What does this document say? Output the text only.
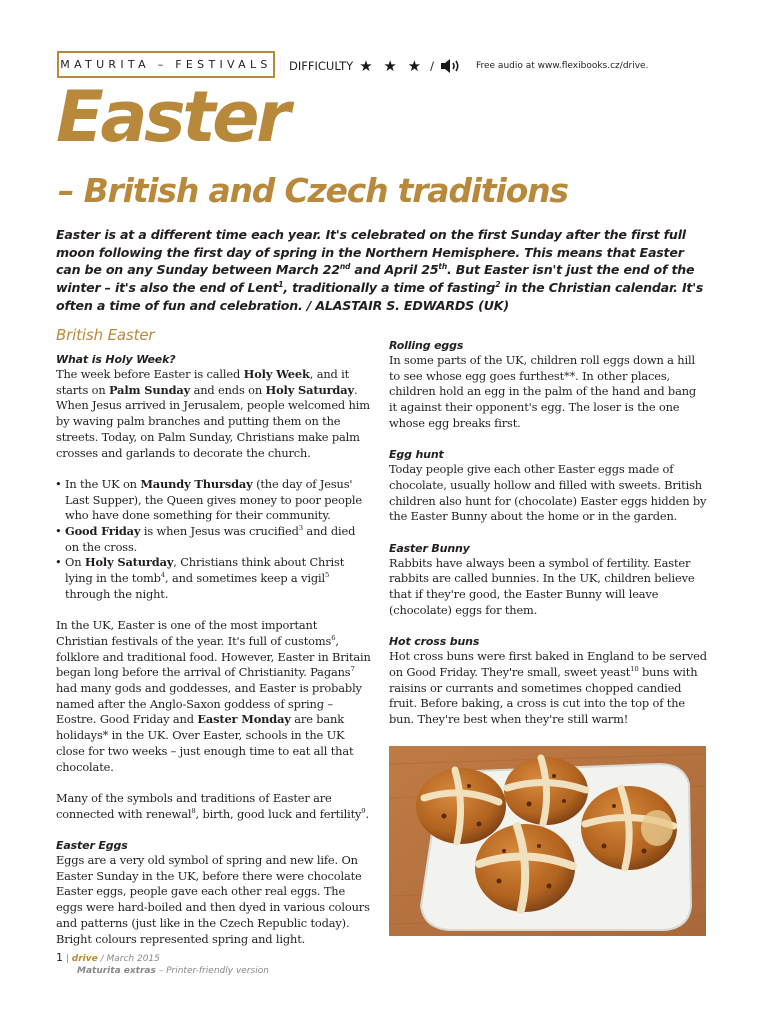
MATURITA – FESTIVALS DIFFICULTY ★ ★ ★ /	Free audio at www.flexibooks.cz/drive.
Easter
– British and Czech traditions

Easter is at a different time each year. It's celebrated on the first Sunday after the first full moon following the first day of spring in the Northern Hemisphere. This means that Easter can be on any Sunday between March 22nd and April 25th. But Easter isn't just the end of the winter – it's also the end of Lent$^1$, traditionally a time of fasting$^2$ in the Christian calendar. It's often a time of fun and celebration. / ALASTAIR S. EDWARDS (UK)

British Easter
What is Holy Week?

The week before Easter is called Holy Week, and it starts on Palm Sunday and ends on Holy Saturday. When Jesus arrived in Jerusalem, people welcomed him by waving palm branches and putting them on the streets. Today, on Palm Sunday, Christians make palm crosses and garlands to decorate the church.

• In the UK on Maundy Thursday (the day of Jesus' Last Supper), the Queen gives money to poor people who have done something for their community.
• Good Friday is when Jesus was crucified$^3$ and died on the cross.
• On Holy Saturday, Christians think about Christ lying in the tomb$^4$, and sometimes keep a vigil$^5$ through the night.

In the UK, Easter is one of the most important Christian festivals of the year. It's full of customs$^6$, folklore and traditional food. However, Easter in Britain began long before the arrival of Christianity. Pagans$^7$ had many gods and goddesses, and Easter is probably named after the Anglo-Saxon goddess of spring – Eostre. Good Friday and Easter Monday are bank holidays* in the UK. Over Easter, schools in the UK close for two weeks – just enough time to eat all that chocolate.

Many of the symbols and traditions of Easter are connected with renewal$^8$, birth, good luck and fertility$^9$.

Easter Eggs

Eggs are a very old symbol of spring and new life. On Easter Sunday in the UK, before there were chocolate Easter eggs, people gave each other real eggs. The eggs were hard-boiled and then dyed in various colours and patterns (just like in the Czech Republic today). Bright colours represented spring and light.

Rolling eggs

In some parts of the UK, children roll eggs down a hill to see whose egg goes furthest**. In other places, children hold an egg in the palm of the hand and bang it against their opponent's egg. The loser is the one whose egg breaks first.

Egg hunt

Today people give each other Easter eggs made of chocolate, usually hollow and filled with sweets. British children also hunt for (chocolate) Easter eggs hidden by the Easter Bunny about the home or in the garden.

Easter Bunny

Rabbits have always been a symbol of fertility. Easter rabbits are called bunnies. In the UK, children believe that if they're good, the Easter Bunny will leave (chocolate) eggs for them.

Hot cross buns

Hot cross buns were first baked in England to be served on Good Friday. They're small, sweet yeast$^{10}$ buns with raisins or currants and sometimes chopped candied fruit. Before baking, a cross is cut into the top of the bun. They're best when they're still warm!

1 | drive / March 2015
Maturita extras – Printer-friendly version
